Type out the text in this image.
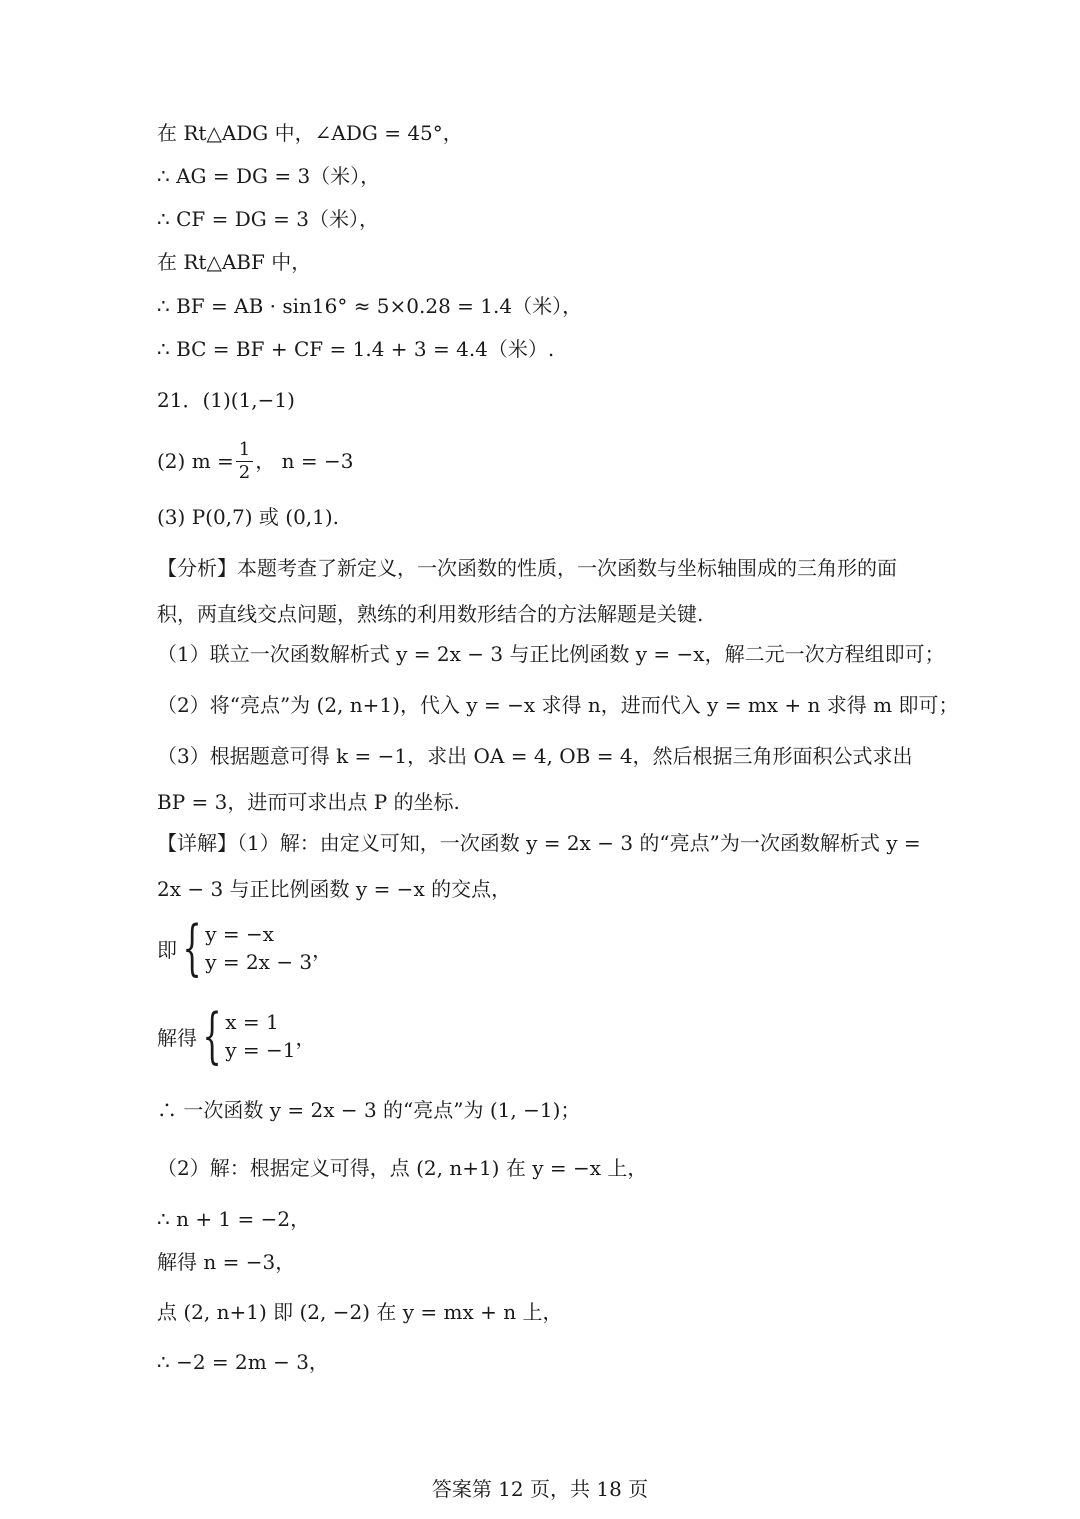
在 Rt△ADG 中，∠ADG = 45°，
∴ AG = DG = 3（米），
∴ CF = DG = 3（米），
在 Rt△ABF 中，
∴ BF = AB · sin16° ≈ 5×0.28 = 1.4（米），
∴ BC = BF + CF = 1.4 + 3 = 4.4（米）.
21．(1)(1,−1)
(2) $m = \frac{1}{2}$ ， n = −3
(3) P(0,7) 或 (0,1).
【分析】本题考查了新定义，一次函数的性质，一次函数与坐标轴围成的三角形的面积，两直线交点问题，熟练的利用数形结合的方法解题是关键.
（1）联立一次函数解析式 y = 2x − 3 与正比例函数 y = −x，解二元一次方程组即可；
（2）将“亮点”为 (2, n+1)，代入 y = −x 求得 n，进而代入 y = mx + n 求得 m 即可；
（3）根据题意可得 k = −1，求出 OA = 4, OB = 4，然后根据三角形面积公式求出 BP = 3，进而可求出点 P 的坐标.
【详解】（1）解：由定义可知，一次函数 y = 2x − 3 的“亮点”为一次函数解析式 y = 2x − 3 与正比例函数 y = −x 的交点，
即 { y = −x
y = 2x − 3
，
解得 { x = 1
y = −1
，
∴ 一次函数 y = 2x − 3 的“亮点”为 (1, −1)；
（2）解：根据定义可得，点 (2, n+1) 在 y = −x 上，
∴ n + 1 = −2，
解得 n = −3，
点 (2, n+1) 即 (2, −2) 在 y = mx + n 上，
∴ −2 = 2m − 3，
答案第 12 页，共 18 页
